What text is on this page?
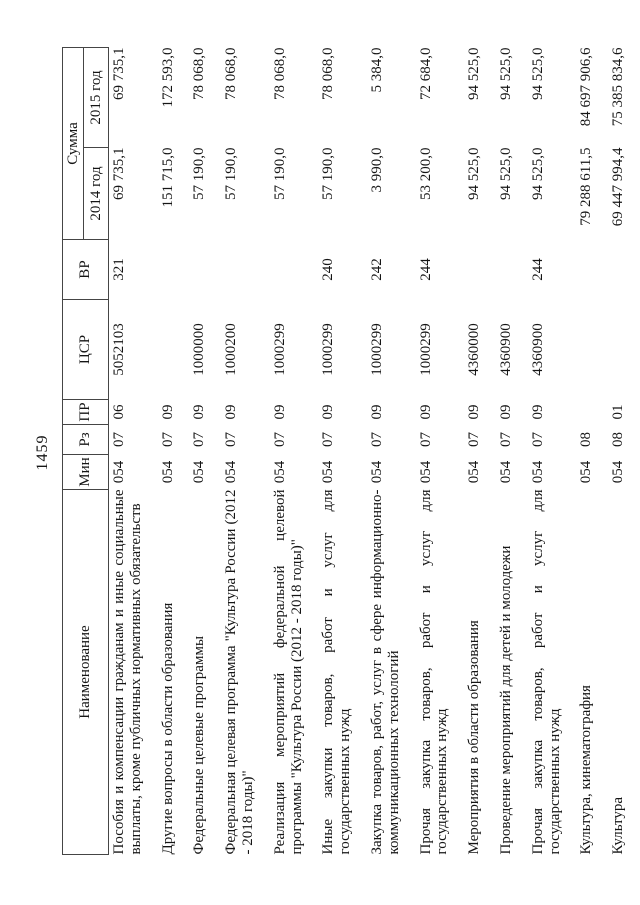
1459
Наименование	Мин	Рз	ПР	ЦСР	ВР	Сумма	
						2014 год	2015 год
Пособия и компенсации гражданам и иные социальные выплаты, кроме публичных нормативных обязательств	054	07	06	5052103	321	69 735,1	69 735,1
Другие вопросы в области образования	054	07	09			151 715,0	172 593,0
Федеральные целевые программы	054	07	09	1000000		57 190,0	78 068,0
Федеральная целевая программа "Культура России (2012 - 2018 годы)"	054	07	09	1000200		57 190,0	78 068,0
Реализация мероприятий федеральной целевой программы "Культура России (2012 - 2018 годы)"	054	07	09	1000299		57 190,0	78 068,0
Иные закупки товаров, работ и услуг для государственных нужд	054	07	09	1000299	240	57 190,0	78 068,0
Закупка товаров, работ, услуг в сфере информационно-коммуникационных технологий	054	07	09	1000299	242	3 990,0	5 384,0
Прочая закупка товаров, работ и услуг для государственных нужд	054	07	09	1000299	244	53 200,0	72 684,0
Мероприятия в области образования	054	07	09	4360000		94 525,0	94 525,0
Проведение мероприятий для детей и молодежи	054	07	09	4360900		94 525,0	94 525,0
Прочая закупка товаров, работ и услуг для государственных нужд	054	07	09	4360900	244	94 525,0	94 525,0
Культура, кинематография	054	08				79 288 611,5	84 697 906,6
Культура	054	08	01			69 447 994,4	75 385 834,6
